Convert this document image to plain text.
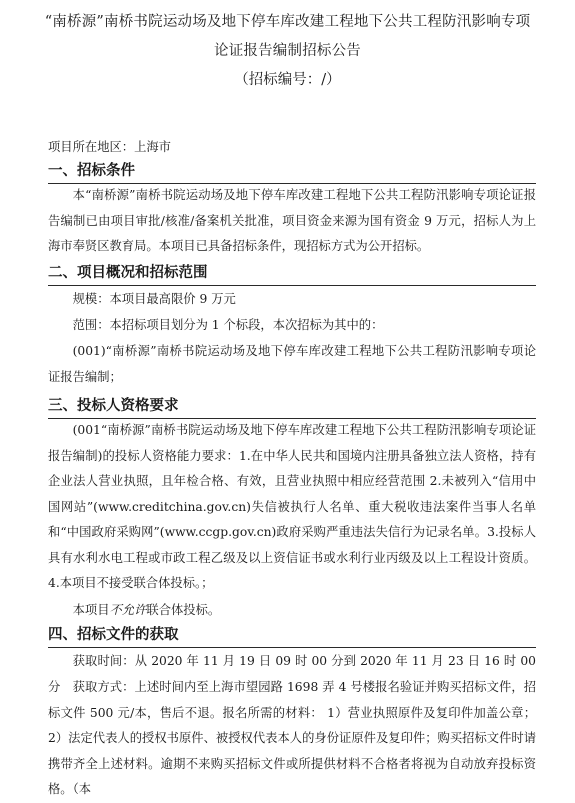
“南桥源”南桥书院运动场及地下停车库改建工程地下公共工程防汛影响专项论证报告编制招标公告
（招标编号：/）

项目所在地区：上海市

一、招标条件

本“南桥源”南桥书院运动场及地下停车库改建工程地下公共工程防汛影响专项论证报告编制已由项目审批/核准/备案机关批准，项目资金来源为国有资金 9 万元，招标人为上海市奉贤区教育局。本项目已具备招标条件，现招标方式为公开招标。

二、项目概况和招标范围

规模：本项目最高限价 9 万元

范围：本招标项目划分为 1 个标段，本次招标为其中的：

(001)“南桥源”南桥书院运动场及地下停车库改建工程地下公共工程防汛影响专项论证报告编制；

三、投标人资格要求

(001“南桥源”南桥书院运动场及地下停车库改建工程地下公共工程防汛影响专项论证报告编制)的投标人资格能力要求：1.在中华人民共和国境内注册具备独立法人资格，持有企业法人营业执照，且年检合格、有效，且营业执照中相应经营范围 2.未被列入“信用中国网站”(www.creditchina.gov.cn)失信被执行人名单、重大税收违法案件当事人名单和“中国政府采购网”(www.ccgp.gov.cn)政府采购严重违法失信行为记录名单。3.投标人具有水利水电工程或市政工程乙级及以上资信证书或水利行业丙级及以上工程设计资质。4.本项目不接受联合体投标。；

本项目不允许联合体投标。

四、招标文件的获取

获取时间：从 2020 年 11 月 19 日 09 时 00 分到 2020 年 11 月 23 日 16 时 00 分 获取方式：上述时间内至上海市望园路 1698 弄 4 号楼报名验证并购买招标文件，招标文件 500 元/本，售后不退。报名所需的材料： 1）营业执照原件及复印件加盖公章；2）法定代表人的授权书原件、被授权代表本人的身份证原件及复印件；购买招标文件时请携带齐全上述材料。逾期不来购买招标文件或所提供材料不合格者将视为自动放弃投标资格。（本
